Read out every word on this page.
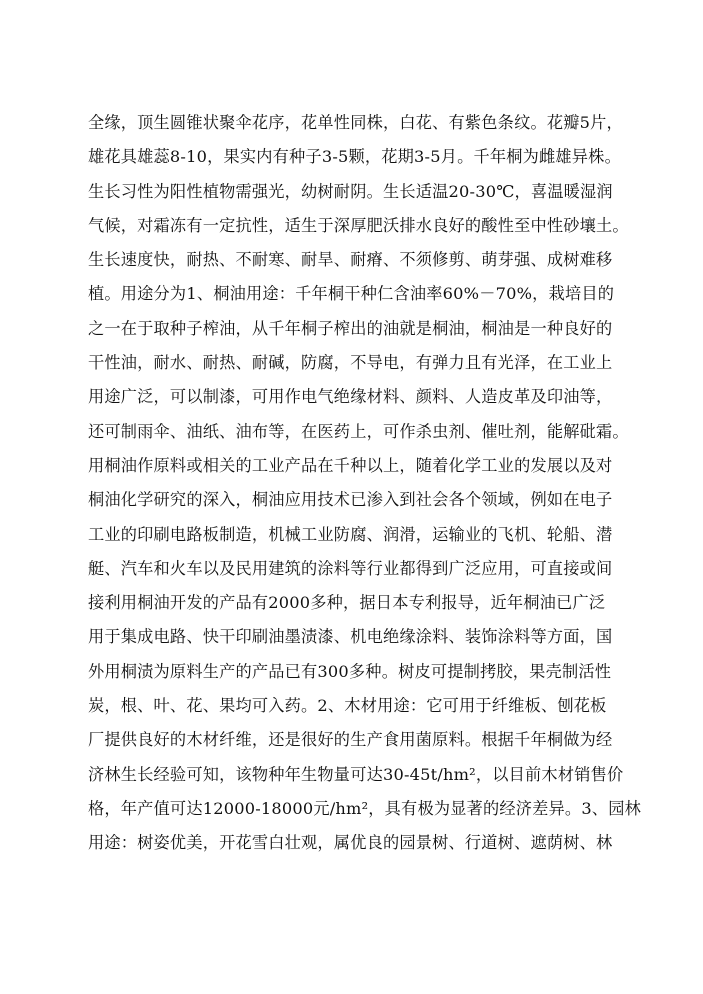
全缘，顶生圆锥状聚伞花序，花单性同株，白花、有紫色条纹。花瓣5片，
雄花具雄蕊8-10，果实内有种子3-5颗，花期3-5月。千年桐为雌雄异株。
生长习性为阳性植物需强光，幼树耐阴。生长适温20-30℃，喜温暖湿润
气候，对霜冻有一定抗性，适生于深厚肥沃排水良好的酸性至中性砂壤土。
生长速度快，耐热、不耐寒、耐旱、耐瘠、不须修剪、萌芽强、成树难移
植。用途分为1、桐油用途：千年桐干种仁含油率60%－70%，栽培目的
之一在于取种子榨油，从千年桐子榨出的油就是桐油，桐油是一种良好的
干性油，耐水、耐热、耐碱，防腐，不导电，有弹力且有光泽，在工业上
用途广泛，可以制漆，可用作电气绝缘材料、颜料、人造皮革及印油等，
还可制雨伞、油纸、油布等，在医药上，可作杀虫剂、催吐剂，能解砒霜。
用桐油作原料或相关的工业产品在千种以上，随着化学工业的发展以及对
桐油化学研究的深入，桐油应用技术已渗入到社会各个领域，例如在电子
工业的印刷电路板制造，机械工业防腐、润滑，运输业的飞机、轮船、潜
艇、汽车和火车以及民用建筑的涂料等行业都得到广泛应用，可直接或间
接利用桐油开发的产品有2000多种，据日本专利报导，近年桐油已广泛
用于集成电路、快干印刷油墨渍漆、机电绝缘涂料、装饰涂料等方面，国
外用桐渍为原料生产的产品已有300多种。树皮可提制拷胶，果壳制活性
炭，根、叶、花、果均可入药。2、木材用途：它可用于纤维板、刨花板
厂提供良好的木材纤维，还是很好的生产食用菌原料。根据千年桐做为经
济林生长经验可知，该物种年生物量可达30-45t/hm²，以目前木材销售价
格，年产值可达12000-18000元/hm²，具有极为显著的经济差异。3、园林
用途：树姿优美，开花雪白壮观，属优良的园景树、行道树、遮荫树、林
